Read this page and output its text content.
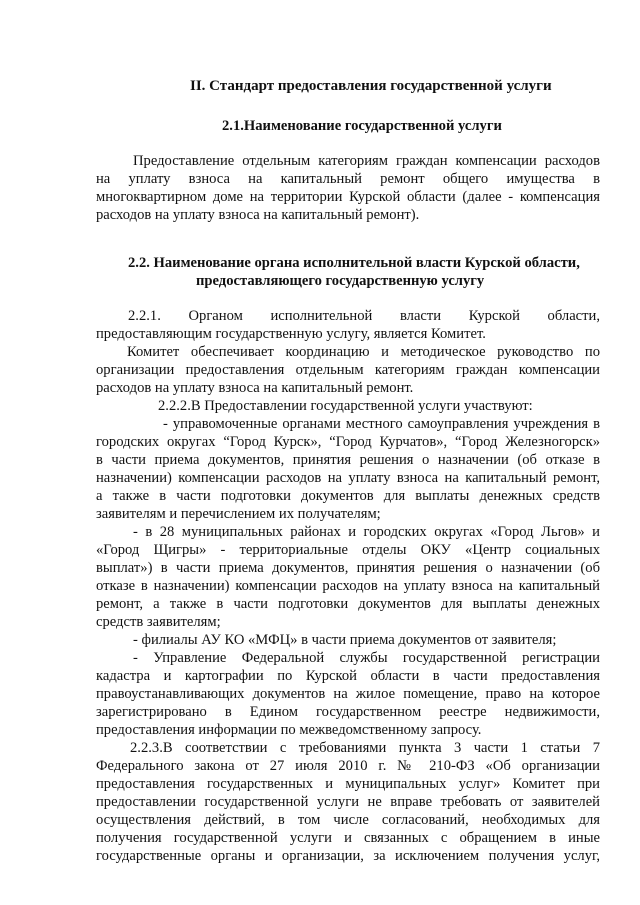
II. Стандарт предоставления государственной услуги
2.1.Наименование государственной услуги
Предоставление отдельным категориям граждан компенсации расходов
на уплату взноса на капитальный ремонт общего имущества в
многоквартирном доме на территории Курской области (далее - компенсация
расходов на уплату взноса на капитальный ремонт).
2.2. Наименование органа исполнительной власти Курской области,
предоставляющего государственную услугу
2.2.1. Органом исполнительной власти Курской области,
предоставляющим государственную услугу, является Комитет.
Комитет обеспечивает координацию и методическое руководство по
организации предоставления отдельным категориям граждан компенсации
расходов на уплату взноса на капитальный ремонт.
2.2.2.В Предоставлении государственной услуги участвуют:
- управомоченные органами местного самоуправления учреждения в
городских округах “Город Курск», “Город Курчатов», “Город Железногорск»
в части приема документов, принятия решения о назначении (об отказе в
назначении) компенсации расходов на уплату взноса на капитальный ремонт,
а также в части подготовки документов для выплаты денежных средств
заявителям и перечислением их получателям;
- в 28 муниципальных районах и городских округах «Город Льгов» и
«Город Щигры» - территориальные отделы ОКУ «Центр социальных
выплат») в части приема документов, принятия решения о назначении (об
отказе в назначении) компенсации расходов на уплату взноса на капитальный
ремонт, а также в части подготовки документов для выплаты денежных
средств заявителям;
- филиалы АУ КО «МФЦ» в части приема документов от заявителя;
- Управление Федеральной службы государственной регистрации
кадастра и картографии по Курской области в части предоставления
правоустанавливающих документов на жилое помещение, право на которое
зарегистрировано в Едином государственном реестре недвижимости,
предоставления информации по межведомственному запросу.
2.2.3.В соответствии с требованиями пункта 3 части 1 статьи 7
Федерального закона от 27 июля 2010 г. № 210-ФЗ «Об организации
предоставления государственных и муниципальных услуг» Комитет при
предоставлении государственной услуги не вправе требовать от заявителей
осуществления действий, в том числе согласований, необходимых для
получения государственной услуги и связанных с обращением в иные
государственные органы и организации, за исключением получения услуг,
